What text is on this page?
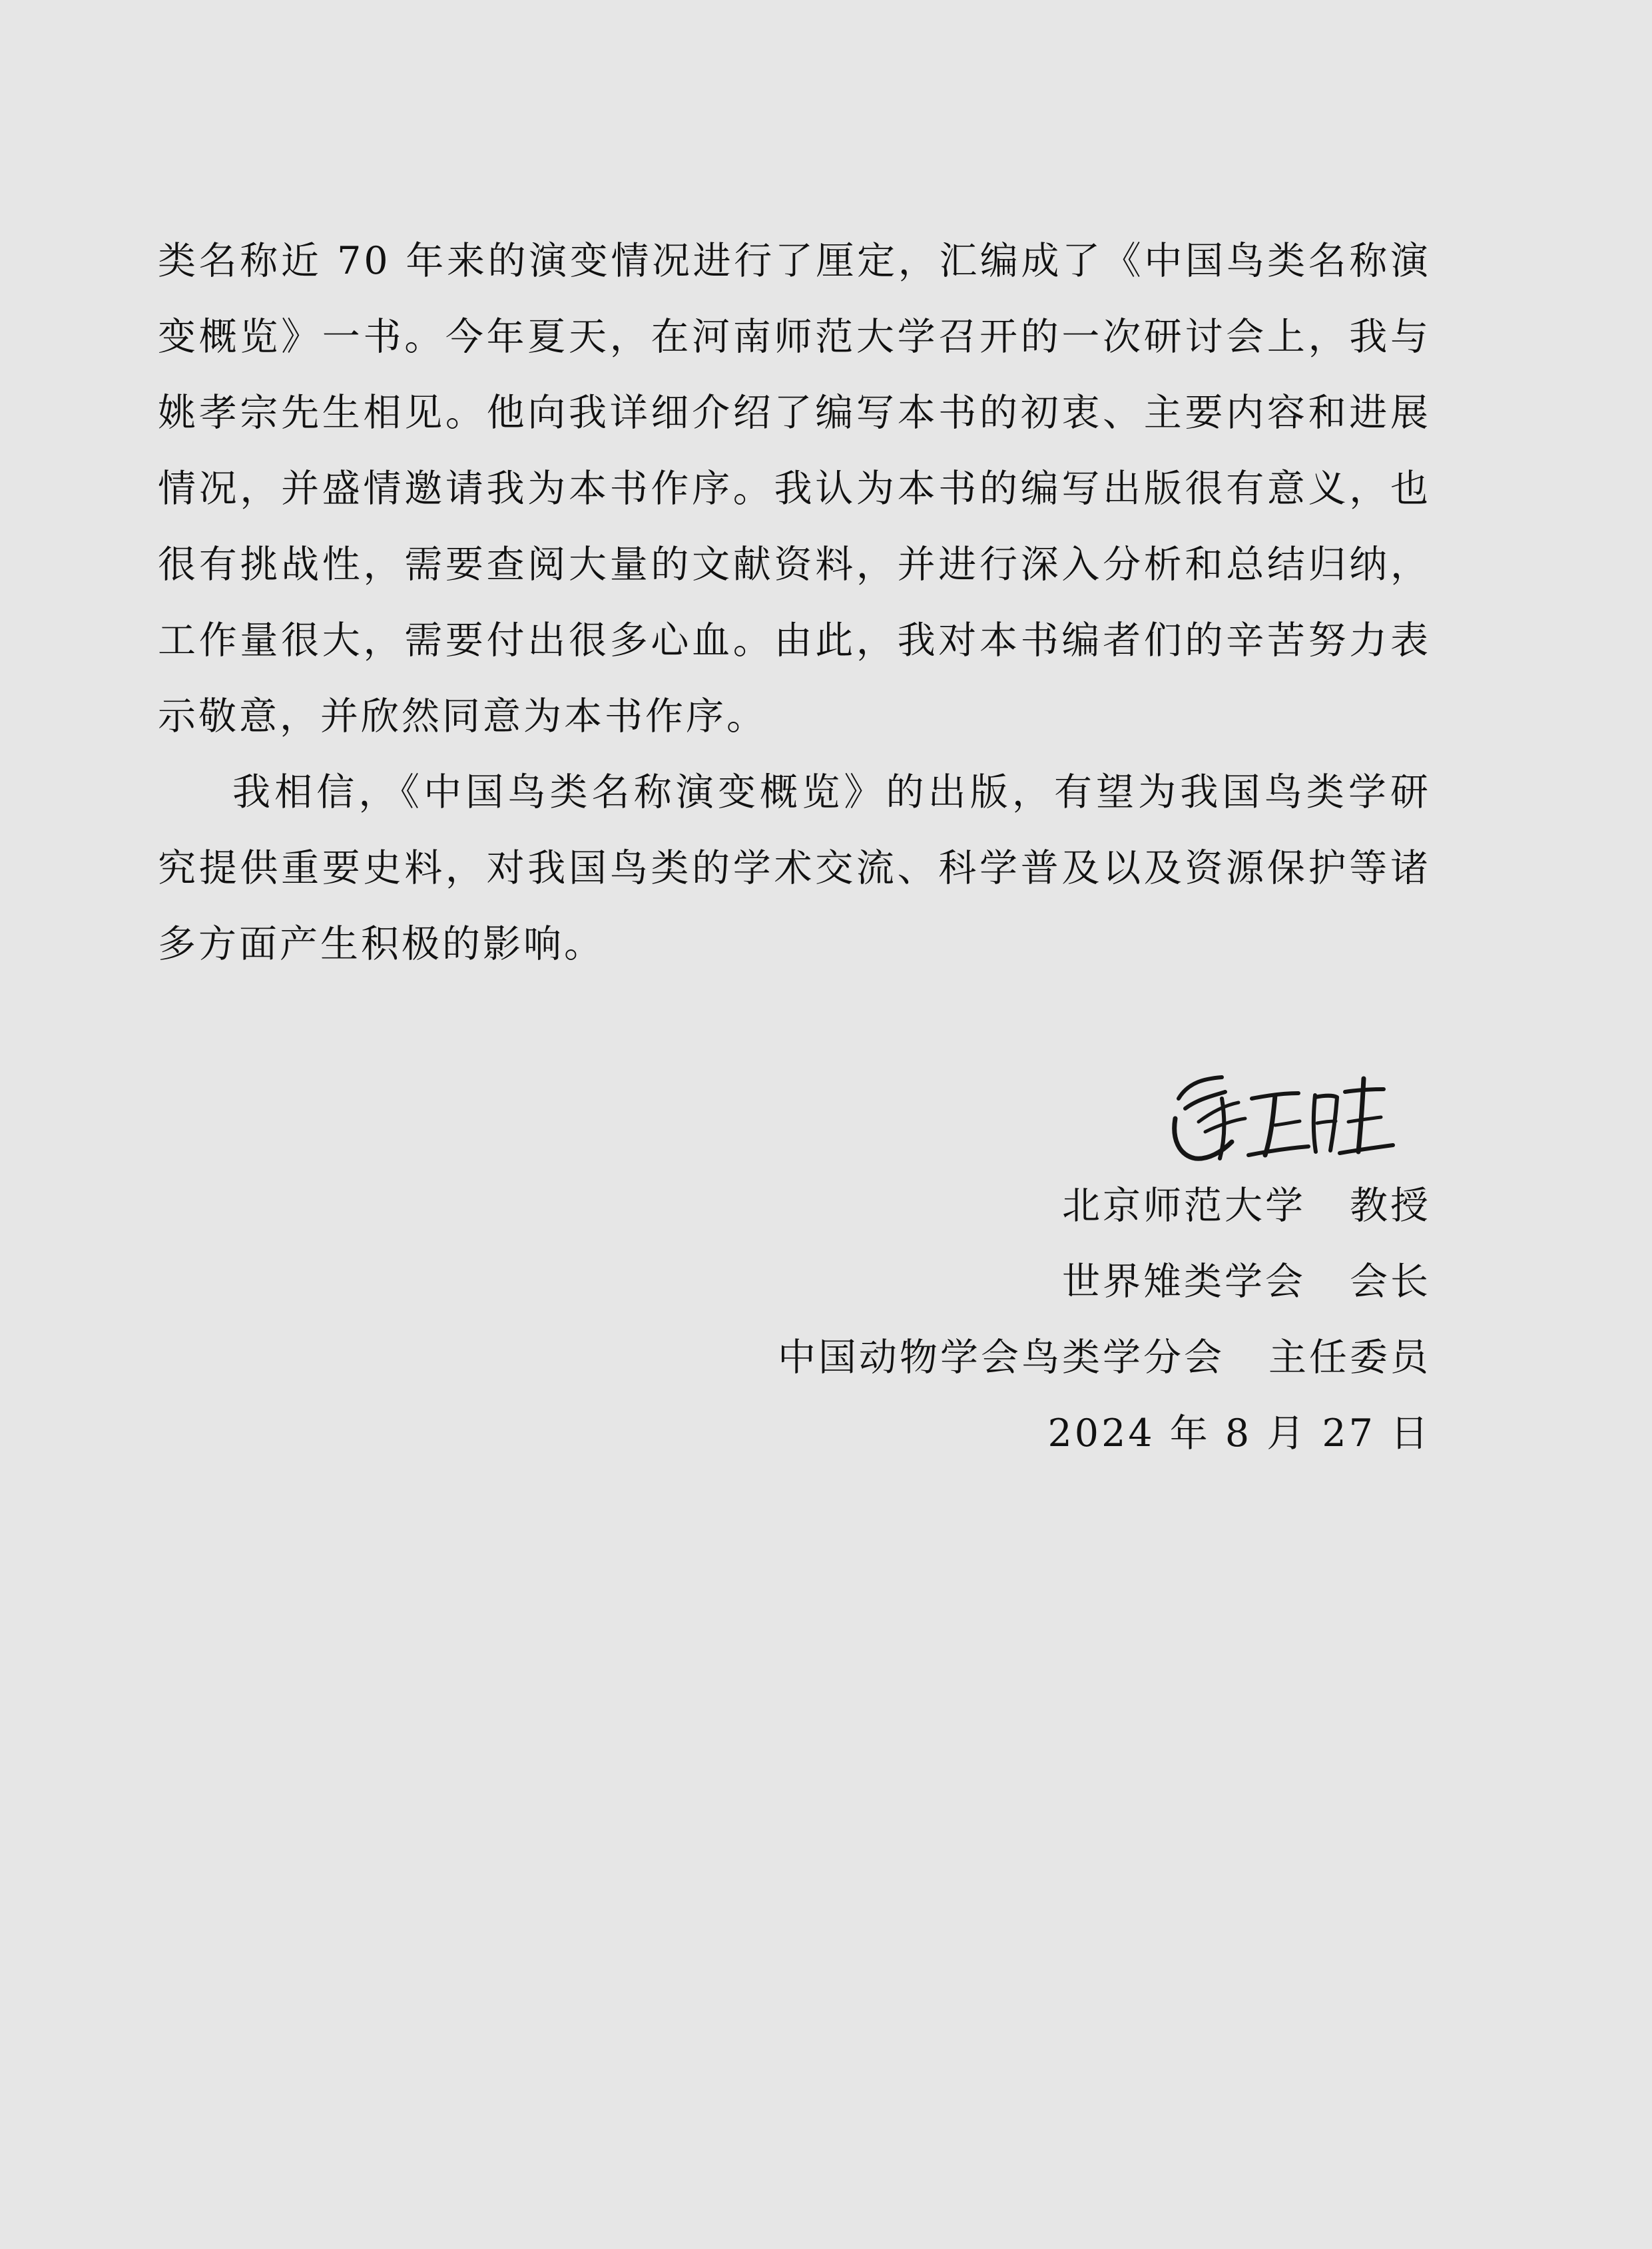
类名称近 70 年来的演变情况进行了厘定，汇编成了《中国鸟类名称演变概览》一书。今年夏天，在河南师范大学召开的一次研讨会上，我与姚孝宗先生相见。他向我详细介绍了编写本书的初衷、主要内容和进展情况，并盛情邀请我为本书作序。我认为本书的编写出版很有意义，也很有挑战性，需要查阅大量的文献资料，并进行深入分析和总结归纳，工作量很大，需要付出很多心血。由此，我对本书编者们的辛苦努力表示敬意，并欣然同意为本书作序。

我相信，《中国鸟类名称演变概览》的出版，有望为我国鸟类学研究提供重要史料，对我国鸟类的学术交流、科学普及以及资源保护等诸多方面产生积极的影响。

北京师范大学 教授
世界雉类学会 会长
中国动物学会鸟类学分会 主任委员
2024 年 8 月 27 日
